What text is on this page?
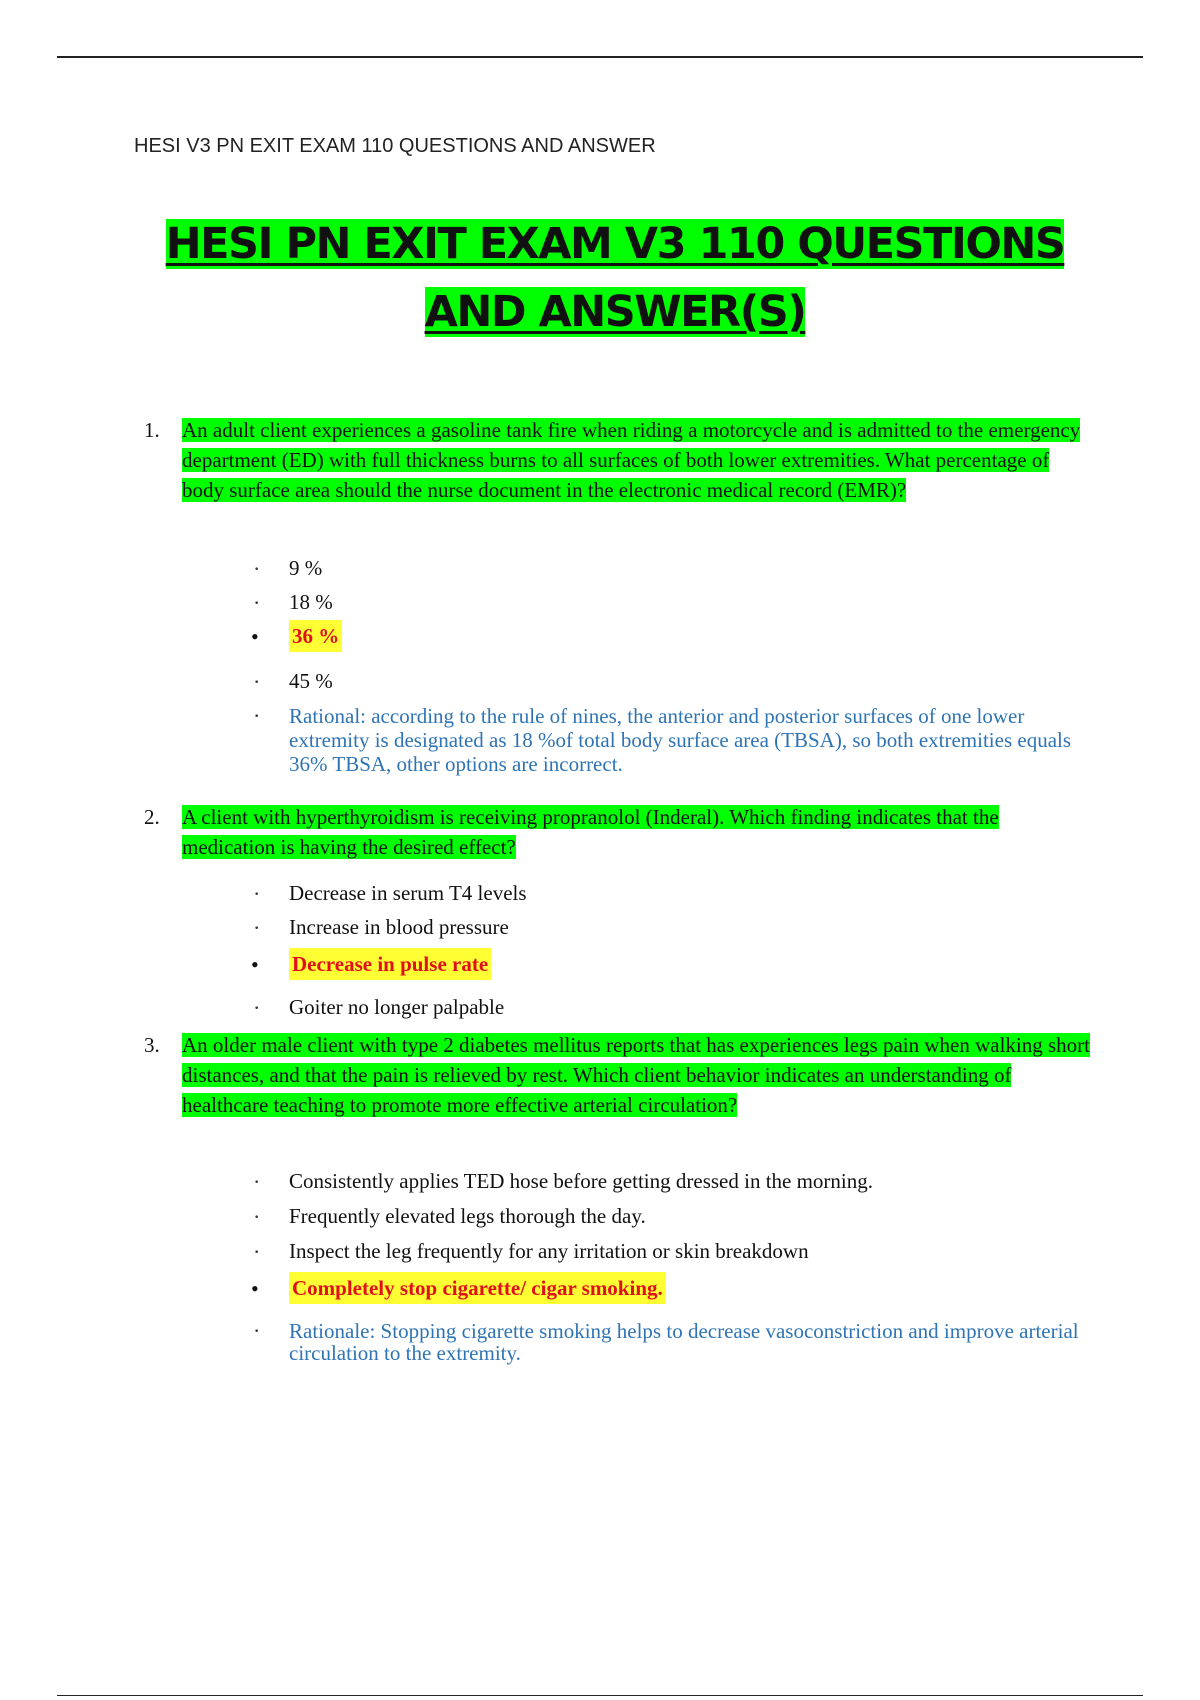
HESI V3 PN EXIT EXAM 110 QUESTIONS AND ANSWER
HESI PN EXIT EXAM V3 110 QUESTIONS
AND ANSWER(S)
1. An adult client experiences a gasoline tank fire when riding a motorcycle and is admitted to the emergency department (ED) with full thickness burns to all surfaces of both lower extremities. What percentage of body surface area should the nurse document in the electronic medical record (EMR)?
· 9 %
· 18 %
• 36 %
· 45 %
· Rational: according to the rule of nines, the anterior and posterior surfaces of one lower extremity is designated as 18 %of total body surface area (TBSA), so both extremities equals 36% TBSA, other options are incorrect.
2. A client with hyperthyroidism is receiving propranolol (Inderal). Which finding indicates that the medication is having the desired effect?
· Decrease in serum T4 levels
· Increase in blood pressure
• Decrease in pulse rate
· Goiter no longer palpable
3. An older male client with type 2 diabetes mellitus reports that has experiences legs pain when walking short distances, and that the pain is relieved by rest. Which client behavior indicates an understanding of healthcare teaching to promote more effective arterial circulation?
· Consistently applies TED hose before getting dressed in the morning.
· Frequently elevated legs thorough the day.
· Inspect the leg frequently for any irritation or skin breakdown
• Completely stop cigarette/ cigar smoking.
· Rationale: Stopping cigarette smoking helps to decrease vasoconstriction and improve arterial circulation to the extremity.
